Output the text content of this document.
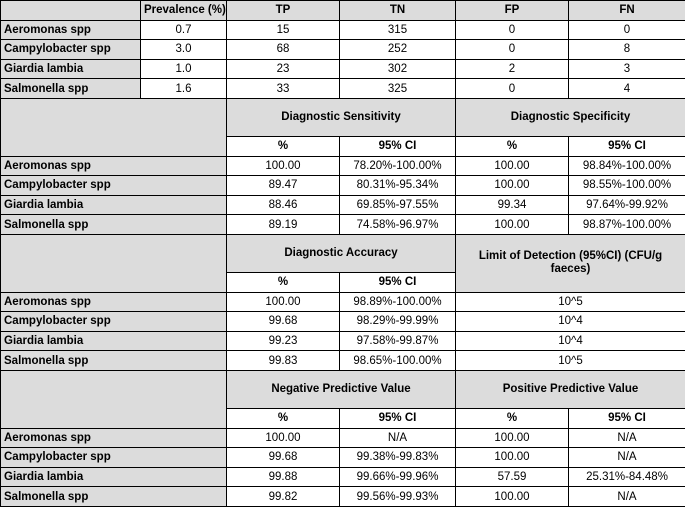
	Prevalence (%)	TP	TN	FP	FN

Aeromonas spp	0.7	15	315	0	0
Campylobacter spp	3.0	68	252	0	8
Giardia lambia	1.0	23	302	2	3
Salmonella spp	1.6	33	325	0	4
		Diagnostic Sensitivity		Diagnostic Specificity	
		%	95% CI	%	95% CI
Aeromonas spp		100.00	78.20%-100.00%	100.00	98.84%-100.00%
Campylobacter spp		89.47	80.31%-95.34%	100.00	98.55%-100.00%
Giardia lambia		88.46	69.85%-97.55%	99.34	97.64%-99.92%
Salmonella spp		89.19	74.58%-96.97%	100.00	98.87%-100.00%
		Diagnostic Accuracy		Limit of Detection (95%CI) (CFU/g faeces)	
		%	95% CI		
Aeromonas spp		100.00	98.89%-100.00%	10^5	
Campylobacter spp		99.68	98.29%-99.99%	10^4	
Giardia lambia		99.23	97.58%-99.87%	10^4	
Salmonella spp		99.83	98.65%-100.00%	10^5	
		Negative Predictive Value		Positive Predictive Value	
		%	95% CI	%	95% CI
Aeromonas spp		100.00	N/A	100.00	N/A
Campylobacter spp		99.68	99.38%-99.83%	100.00	N/A
Giardia lambia		99.88	99.66%-99.96%	57.59	25.31%-84.48%
Salmonella spp		99.82	99.56%-99.93%	100.00	N/A
